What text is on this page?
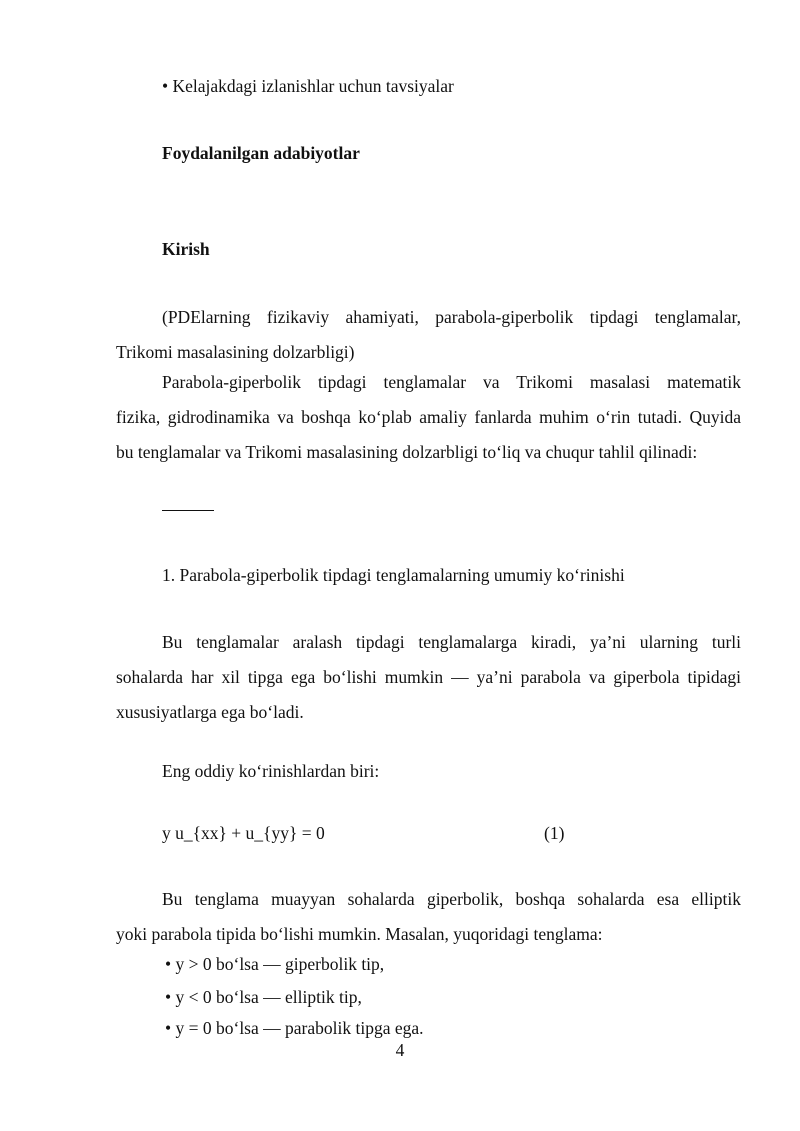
• Kelajakdagi izlanishlar uchun tavsiyalar
Foydalanilgan adabiyotlar
Kirish
(PDElarning fizikaviy ahamiyati, parabola-giperbolik tipdagi tenglamalar,
Trikomi masalasining dolzarbligi)
Parabola-giperbolik tipdagi tenglamalar va Trikomi masalasi matematik
fizika, gidrodinamika va boshqa ko‘plab amaliy fanlarda muhim o‘rin tutadi. Quyida
bu tenglamalar va Trikomi masalasining dolzarbligi to‘liq va chuqur tahlil qilinadi:
1. Parabola-giperbolik tipdagi tenglamalarning umumiy ko‘rinishi
Bu tenglamalar aralash tipdagi tenglamalarga kiradi, ya’ni ularning turli
sohalarda har xil tipga ega bo‘lishi mumkin — ya’ni parabola va giperbola tipidagi
xususiyatlarga ega bo‘ladi.
Eng oddiy ko‘rinishlardan biri:
y u_{xx} + u_{yy} = 0	(1)
Bu tenglama muayyan sohalarda giperbolik, boshqa sohalarda esa elliptik
yoki parabola tipida bo‘lishi mumkin. Masalan, yuqoridagi tenglama:
• y > 0 bo‘lsa — giperbolik tip,
• y < 0 bo‘lsa — elliptik tip,
• y = 0 bo‘lsa — parabolik tipga ega.
4
